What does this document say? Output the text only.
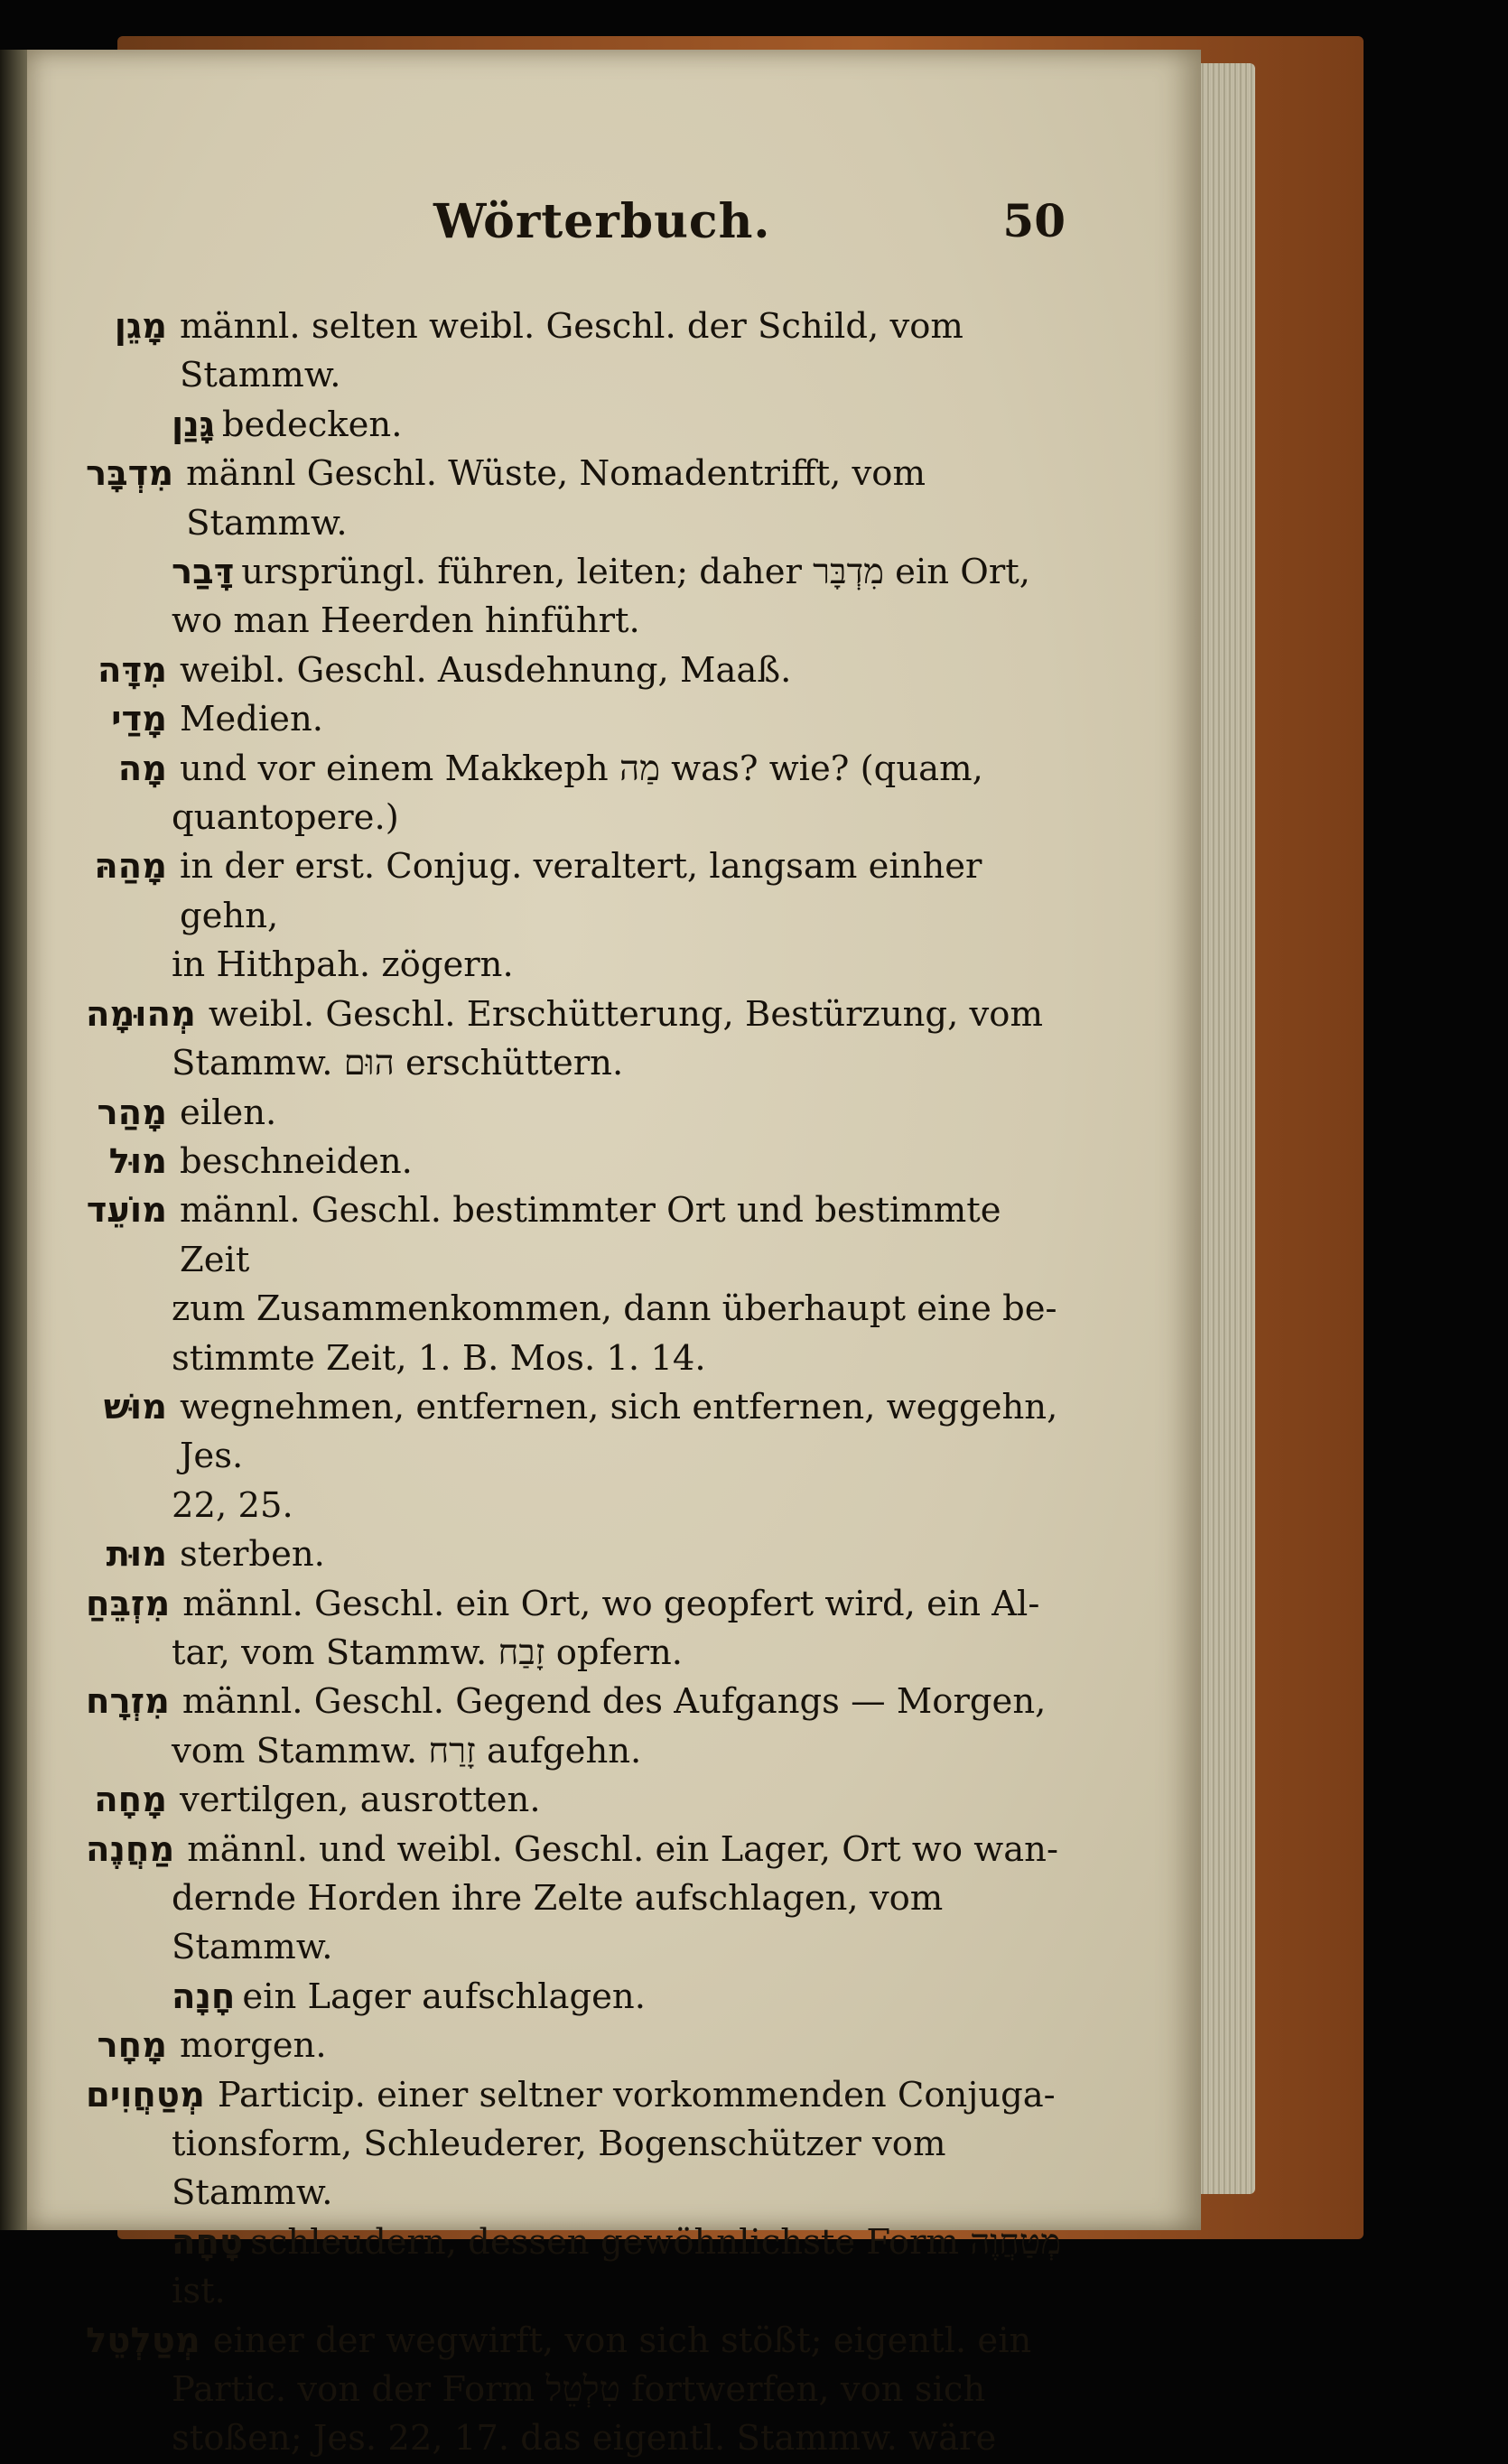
Wörterbuch.	50
מָגֵן männl. selten weibl. Geschl. der Schild, vom Stammw.
גָּנַן bedecken.
מִדְבָּר männl Geschl. Wüste, Nomadentrifft, vom Stammw.
דָּבַר ursprüngl. führen, leiten; daher מִדְבָּר ein Ort,
wo man Heerden hinführt.
מִדָּה weibl. Geschl. Ausdehnung, Maaß.
מָדַי Medien.
מָה und vor einem Makkeph מַה was? wie? (quam,
quantopere.)
מָהַהּ in der erst. Conjug. veraltert, langsam einher gehn,
in Hithpah. zögern.
מְהוּמָה weibl. Geschl. Erschütterung, Bestürzung, vom
Stammw. הוּם erschüttern.
מָהַר eilen.
מוּל beschneiden.
מוֹעֵד männl. Geschl. bestimmter Ort und bestimmte Zeit
zum Zusammenkommen, dann überhaupt eine be-
stimmte Zeit, 1. B. Mos. 1. 14.
מוּשׁ wegnehmen, entfernen, sich entfernen, weggehn, Jes.
22, 25.
מוּת sterben.
מִזְבֵּחַ männl. Geschl. ein Ort, wo geopfert wird, ein Al-
tar, vom Stammw. זָבַח opfern.
מִזְרָח männl. Geschl. Gegend des Aufgangs — Morgen,
vom Stammw. זָרַח aufgehn.
מָחָה vertilgen, ausrotten.
מַחֲנֶה männl. und weibl. Geschl. ein Lager, Ort wo wan-
dernde Horden ihre Zelte aufschlagen, vom Stammw.
חָנָה ein Lager aufschlagen.
מָחָר morgen.
מְטַחֲוִים Particip. einer seltner vorkommenden Conjuga-
tionsform, Schleuderer, Bogenschützer vom Stammw.
טָחָה schleudern, dessen gewöhnlichste Form מְטַחֲוֶה ist.
מְטַלְטֵל einer der wegwirft, von sich stößt; eigentl. ein
Partic. von der Form טִלְטֵל fortwerfen, von sich
stoßen; Jes. 22, 17. das eigentl. Stammw. wäre
